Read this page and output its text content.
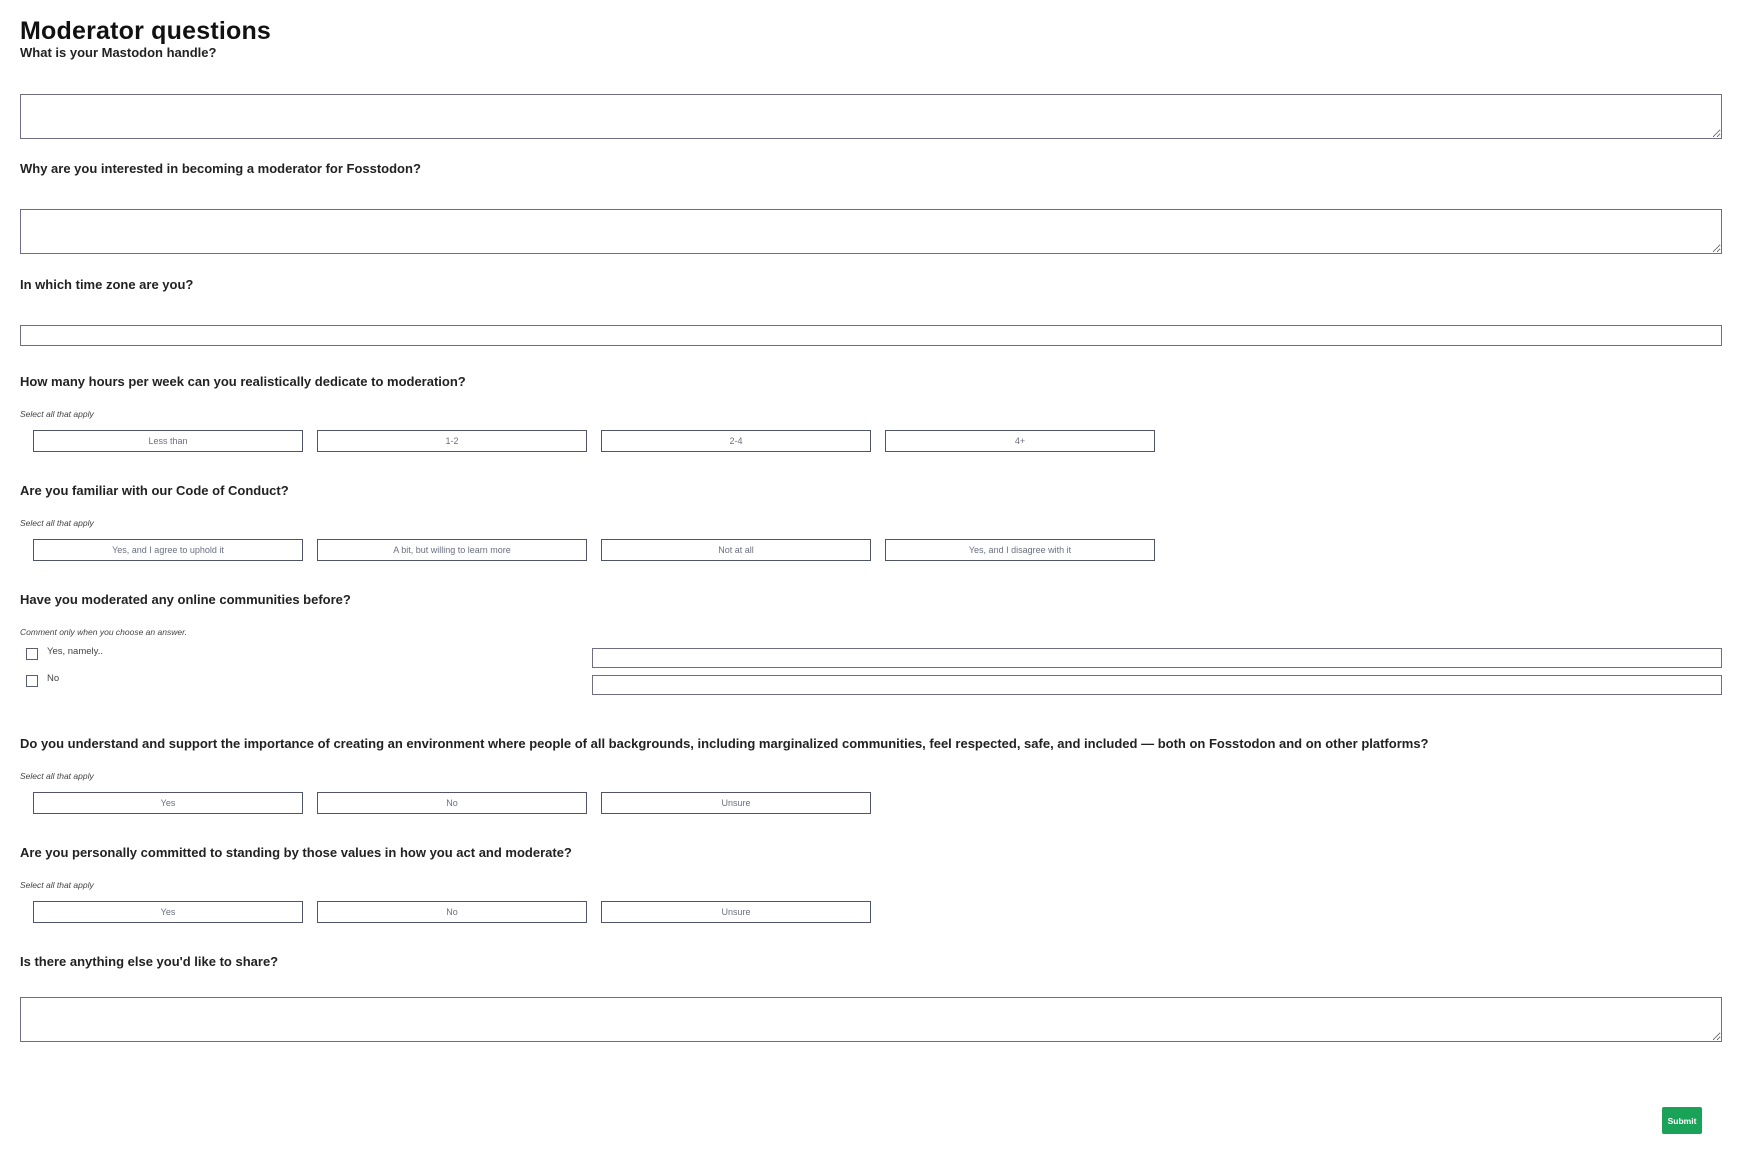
Moderator questions
What is your Mastodon handle?
Why are you interested in becoming a moderator for Fosstodon?
In which time zone are you?
How many hours per week can you realistically dedicate to moderation?
Select all that apply
Less than	1-2	2-4	4+
Are you familiar with our Code of Conduct?
Select all that apply
Yes, and I agree to uphold it	A bit, but willing to learn more	Not at all	Yes, and I disagree with it
Have you moderated any online communities before?
Comment only when you choose an answer.
Yes, namely..
No
Do you understand and support the importance of creating an environment where people of all backgrounds, including marginalized communities, feel respected, safe, and included — both on Fosstodon and on other platforms?
Select all that apply
Yes	No	Unsure
Are you personally committed to standing by those values in how you act and moderate?
Select all that apply
Yes	No	Unsure
Is there anything else you'd like to share?
Submit
